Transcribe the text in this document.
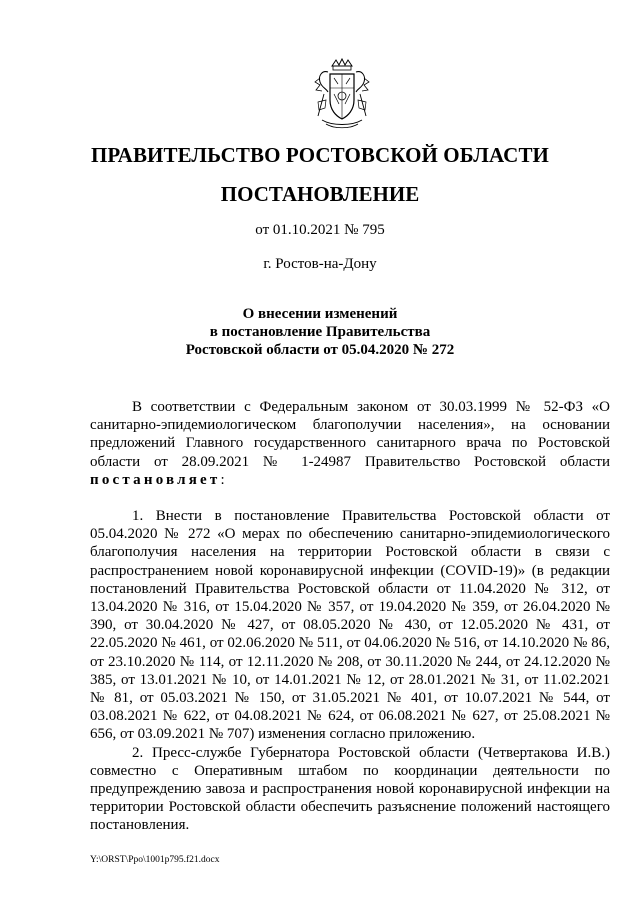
ПРАВИТЕЛЬСТВО РОСТОВСКОЙ ОБЛАСТИ
ПОСТАНОВЛЕНИЕ
от 01.10.2021 № 795
г. Ростов-на-Дону
О внесении изменений
в постановление Правительства
Ростовской области от 05.04.2020 № 272

В соответствии с Федеральным законом от 30.03.1999 № 52-ФЗ «О санитарно-эпидемиологическом благополучии населения», на основании предложений Главного государственного санитарного врача по Ростовской области от 28.09.2021 № 1-24987 Правительство Ростовской области постановляет:

1. Внести в постановление Правительства Ростовской области от 05.04.2020 № 272 «О мерах по обеспечению санитарно-эпидемиологического благополучия населения на территории Ростовской области в связи с распространением новой коронавирусной инфекции (COVID-19)» (в редакции постановлений Правительства Ростовской области от 11.04.2020 № 312, от 13.04.2020 № 316, от 15.04.2020 № 357, от 19.04.2020 № 359, от 26.04.2020 № 390, от 30.04.2020 № 427, от 08.05.2020 № 430, от 12.05.2020 № 431, от 22.05.2020 № 461, от 02.06.2020 № 511, от 04.06.2020 № 516, от 14.10.2020 № 86, от 23.10.2020 № 114, от 12.11.2020 № 208, от 30.11.2020 № 244, от 24.12.2020 № 385, от 13.01.2021 № 10, от 14.01.2021 № 12, от 28.01.2021 № 31, от 11.02.2021 № 81, от 05.03.2021 № 150, от 31.05.2021 № 401, от 10.07.2021 № 544, от 03.08.2021 № 622, от 04.08.2021 № 624, от 06.08.2021 № 627, от 25.08.2021 № 656, от 03.09.2021 № 707) изменения согласно приложению.

2. Пресс-службе Губернатора Ростовской области (Четвертакова И.В.) совместно с Оперативным штабом по координации деятельности по предупреждению завоза и распространения новой коронавирусной инфекции на территории Ростовской области обеспечить разъяснение положений настоящего постановления.

Y:\ORST\Ppo\1001p795.f21.docx
